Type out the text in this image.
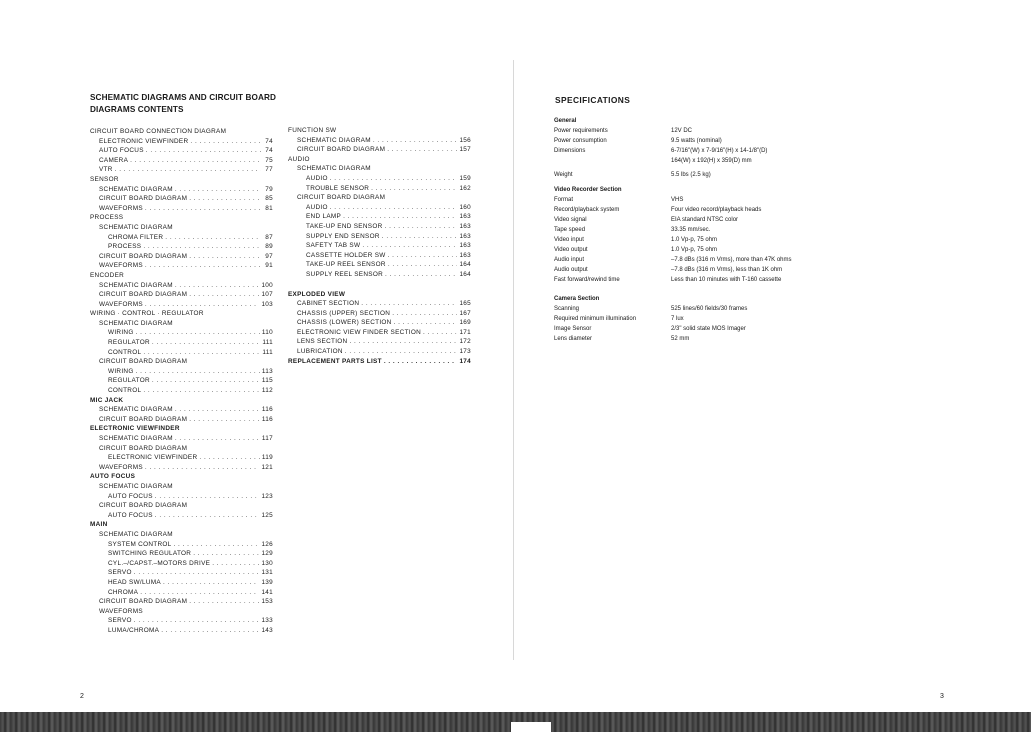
SCHEMATIC DIAGRAMS AND CIRCUIT BOARD
DIAGRAMS CONTENTS
CIRCUIT BOARD CONNECTION DIAGRAM
ELECTRONIC VIEWFINDER . . .	74
AUTO FOCUS . . .	74
CAMERA . . .	75
VTR . . .	77
SENSOR
SCHEMATIC DIAGRAM . . .	79
CIRCUIT BOARD DIAGRAM . . .	85
WAVEFORMS . . .	81
PROCESS
SCHEMATIC DIAGRAM
CHROMA FILTER . . .	87
PROCESS . . .	89
CIRCUIT BOARD DIAGRAM . . .	97
WAVEFORMS . . .	91
ENCODER
SCHEMATIC DIAGRAM . . .	100
CIRCUIT BOARD DIAGRAM . . .	107
WAVEFORMS . . .	103
WIRING · CONTROL · REGULATOR
SCHEMATIC DIAGRAM
WIRING . . .	110
REGULATOR . . .	111
CONTROL . . .	111
CIRCUIT BOARD DIAGRAM
WIRING . . .	113
REGULATOR . . .	115
CONTROL . . .	112
MIC JACK
SCHEMATIC DIAGRAM . . .	116
CIRCUIT BOARD DIAGRAM . . .	116
ELECTRONIC VIEWFINDER
SCHEMATIC DIAGRAM . . .	117
CIRCUIT BOARD DIAGRAM
ELECTRONIC VIEWFINDER . . .	119
WAVEFORMS . . .	121
AUTO FOCUS
SCHEMATIC DIAGRAM
AUTO FOCUS . . .	123
CIRCUIT BOARD DIAGRAM
AUTO FOCUS . . .	125
MAIN
SCHEMATIC DIAGRAM
SYSTEM CONTROL . . .	126
SWITCHING REGULATOR . . .	129
CYL.–/CAPST.–MOTORS DRIVE . . .	130
SERVO . . .	131
HEAD SW/LUMA . . .	139
CHROMA . . .	141
CIRCUIT BOARD DIAGRAM . . .	153
WAVEFORMS
SERVO . . .	133
LUMA/CHROMA . . .	143
FUNCTION SW
SCHEMATIC DIAGRAM . . .	156
CIRCUIT BOARD DIAGRAM . . .	157
AUDIO
SCHEMATIC DIAGRAM
AUDIO . . .	159
TROUBLE SENSOR . . .	162
CIRCUIT BOARD DIAGRAM
AUDIO . . .	160
END LAMP . . .	163
TAKE-UP END SENSOR . . .	163
SUPPLY END SENSOR . . .	163
SAFETY TAB SW . . .	163
CASSETTE HOLDER SW . . .	163
TAKE-UP REEL SENSOR . . .	164
SUPPLY REEL SENSOR . . .	164
EXPLODED VIEW
CABINET SECTION . . .	165
CHASSIS (UPPER) SECTION . . .	167
CHASSIS (LOWER) SECTION . . .	169
ELECTRONIC VIEW FINDER SECTION . . .	171
LENS SECTION . . .	172
LUBRICATION . . .	173
REPLACEMENT PARTS LIST . . .	174
2	3
SPECIFICATIONS
General
Power requirements	12V DC
Power consumption	9.5 watts (nominal)
Dimensions	6-7/16"(W) x 7-9/16"(H) x 14-1/8"(D)
164(W) x 192(H) x 359(D) mm
Weight	5.5 lbs (2.5 kg)
Video Recorder Section
Format	VHS
Record/playback system	Four video record/playback heads
Video signal	EIA standard NTSC color
Tape speed	33.35 mm/sec.
Video input	1.0 Vp-p, 75 ohm
Video output	1.0 Vp-p, 75 ohm
Audio input	–7.8 dBs (316 m Vrms), more than 47K ohms
Audio output	–7.8 dBs (316 m Vrms), less than 1K ohm
Fast forward/rewind time	Less than 10 minutes with T-160 cassette
Camera Section
Scanning	525 lines/60 fields/30 frames
Required minimum illumination	7 lux
Image Sensor	2/3" solid state MOS Imager
Lens diameter	52 mm
